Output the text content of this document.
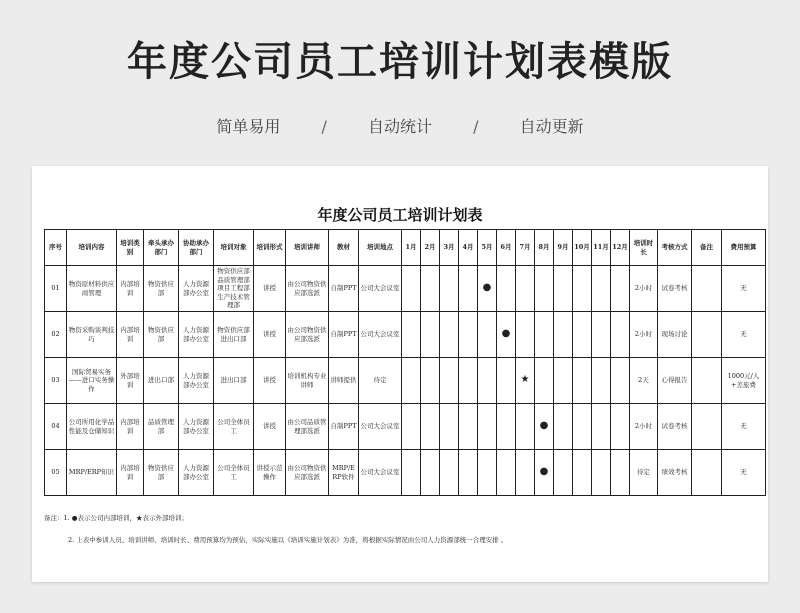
年度公司员工培训计划表模版
简单易用	/	自动统计	/	自动更新
年度公司员工培训计划表
序号	培训内容	培训类别	牵头承办部门	协助承办部门	培训对象	培训形式	培训讲师	教材	培训地点	1月	2月	3月	4月	5月	6月	7月	8月	9月	10月	11月	12月	培训时长	考核方式	备注	费用预算
01	物资原材料供应商管理	内部培训	物资供应部	人力资源部办公室	物资供应部品质管理部项目工程部生产技术管理部	讲授	由公司物资供应部选派	自制PPT	公司大会议室					●								2小时	试卷考核		无
02	物资采购谈判技巧	内部培训	物资供应部	人力资源部办公室	物资供应部进出口部	讲授	由公司物资供应部选派	自制PPT	公司大会议室						●							2小时	现场讨论		无
03	国际贸易实务——进口实务操作	外部培训	进出口部	人力资源部办公室	进出口部	讲授	培训机构专业讲师	讲师提供	待定							★						2天	心得报告		1000元/人+差旅费
04	公司所用化学品性能及仓储知识	内部培训	品质管理部	人力资源部办公室	公司全体员工	讲授	由公司品质管理部选派	自制PPT	公司大会议室								●					2小时	试卷考核		无
05	MRP/ERP知识	内部培训	物资供应部	人力资源部办公室	公司全体员工	讲授示范操作	由公司物资供应部选派	MRP/ERP软件	公司大会议室								●					待定	绩效考核		无
备注：1. ●表示公司内部培训，★表示外部培训；
2. 上表中参训人员、培训讲师、培训时长、费用预算均为预估，实际实施以《培训实施计划表》为准，将根据实际情况由公司人力资源部统一合理安排 。
